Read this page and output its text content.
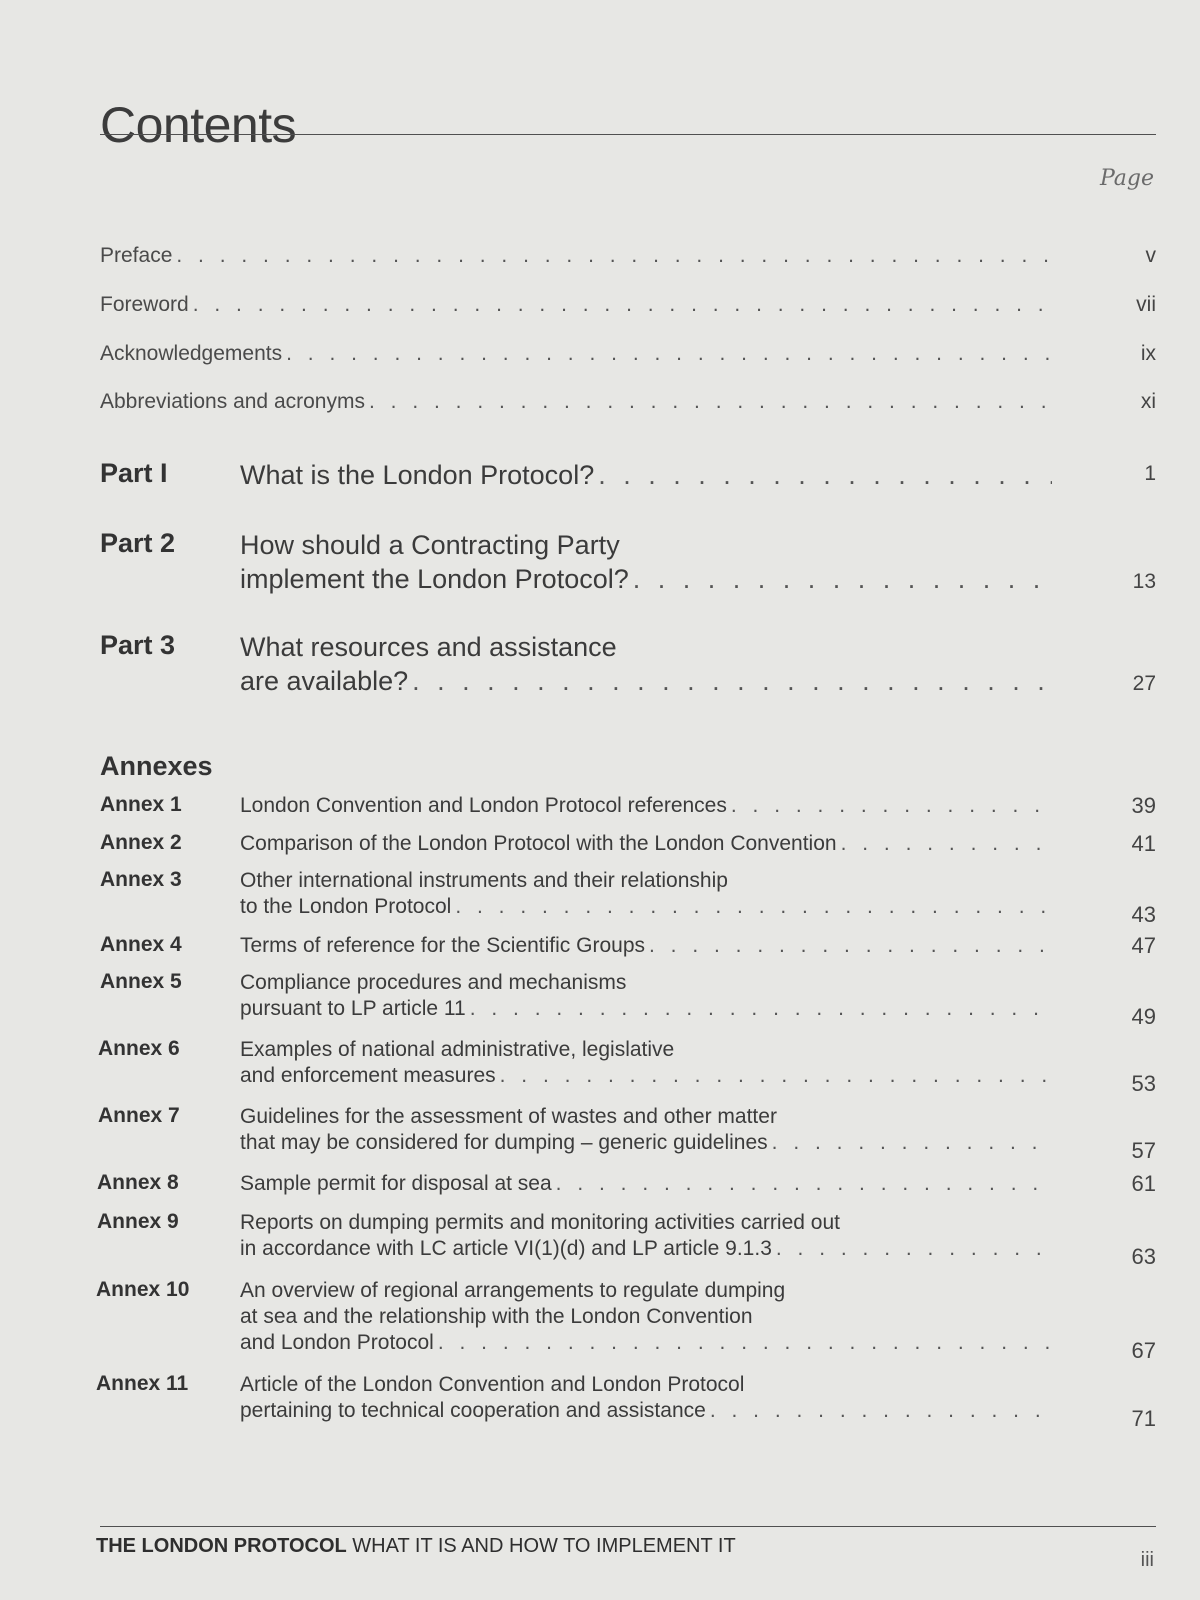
Contents
Page
Preface . . .	v
Foreword . . .	vii
Acknowledgements . . .	ix
Abbreviations and acronyms . . .	xi
Part I	What is the London Protocol? . . .	1
Part 2 How should a Contracting Party
implement the London Protocol? . . .	13
Part 3 What resources and assistance
are available? . . .	27
Annex 1	London Convention and London Protocol references . . .	39
Annex 2	Comparison of the London Protocol with the London Convention . . .	41
Annex 3	Other international instruments and their relationship
to the London Protocol . . .	43
Annex 4	Terms of reference for the Scientific Groups . . .	47
Annex 5	Compliance procedures and mechanisms
pursuant to LP article 11 . . .	49
Annex 6	Examples of national administrative, legislative
and enforcement measures . . .	53
Annex 7	Guidelines for the assessment of wastes and other matter
that may be considered for dumping – generic guidelines . . .	57
Annex 8	Sample permit for disposal at sea . . .	61
Annex 9	Reports on dumping permits and monitoring activities carried out
in accordance with LC article VI(1)(d) and LP article 9.1.3 . . .	63
Annex 10 An overview of regional arrangements to regulate dumping
at sea and the relationship with the London Convention
and London Protocol . . .	67
Annex 11 Article of the London Convention and London Protocol
pertaining to technical cooperation and assistance . . .	71
Annexes
THE LONDON PROTOCOL WHAT IT IS AND HOW TO IMPLEMENT IT
iii
